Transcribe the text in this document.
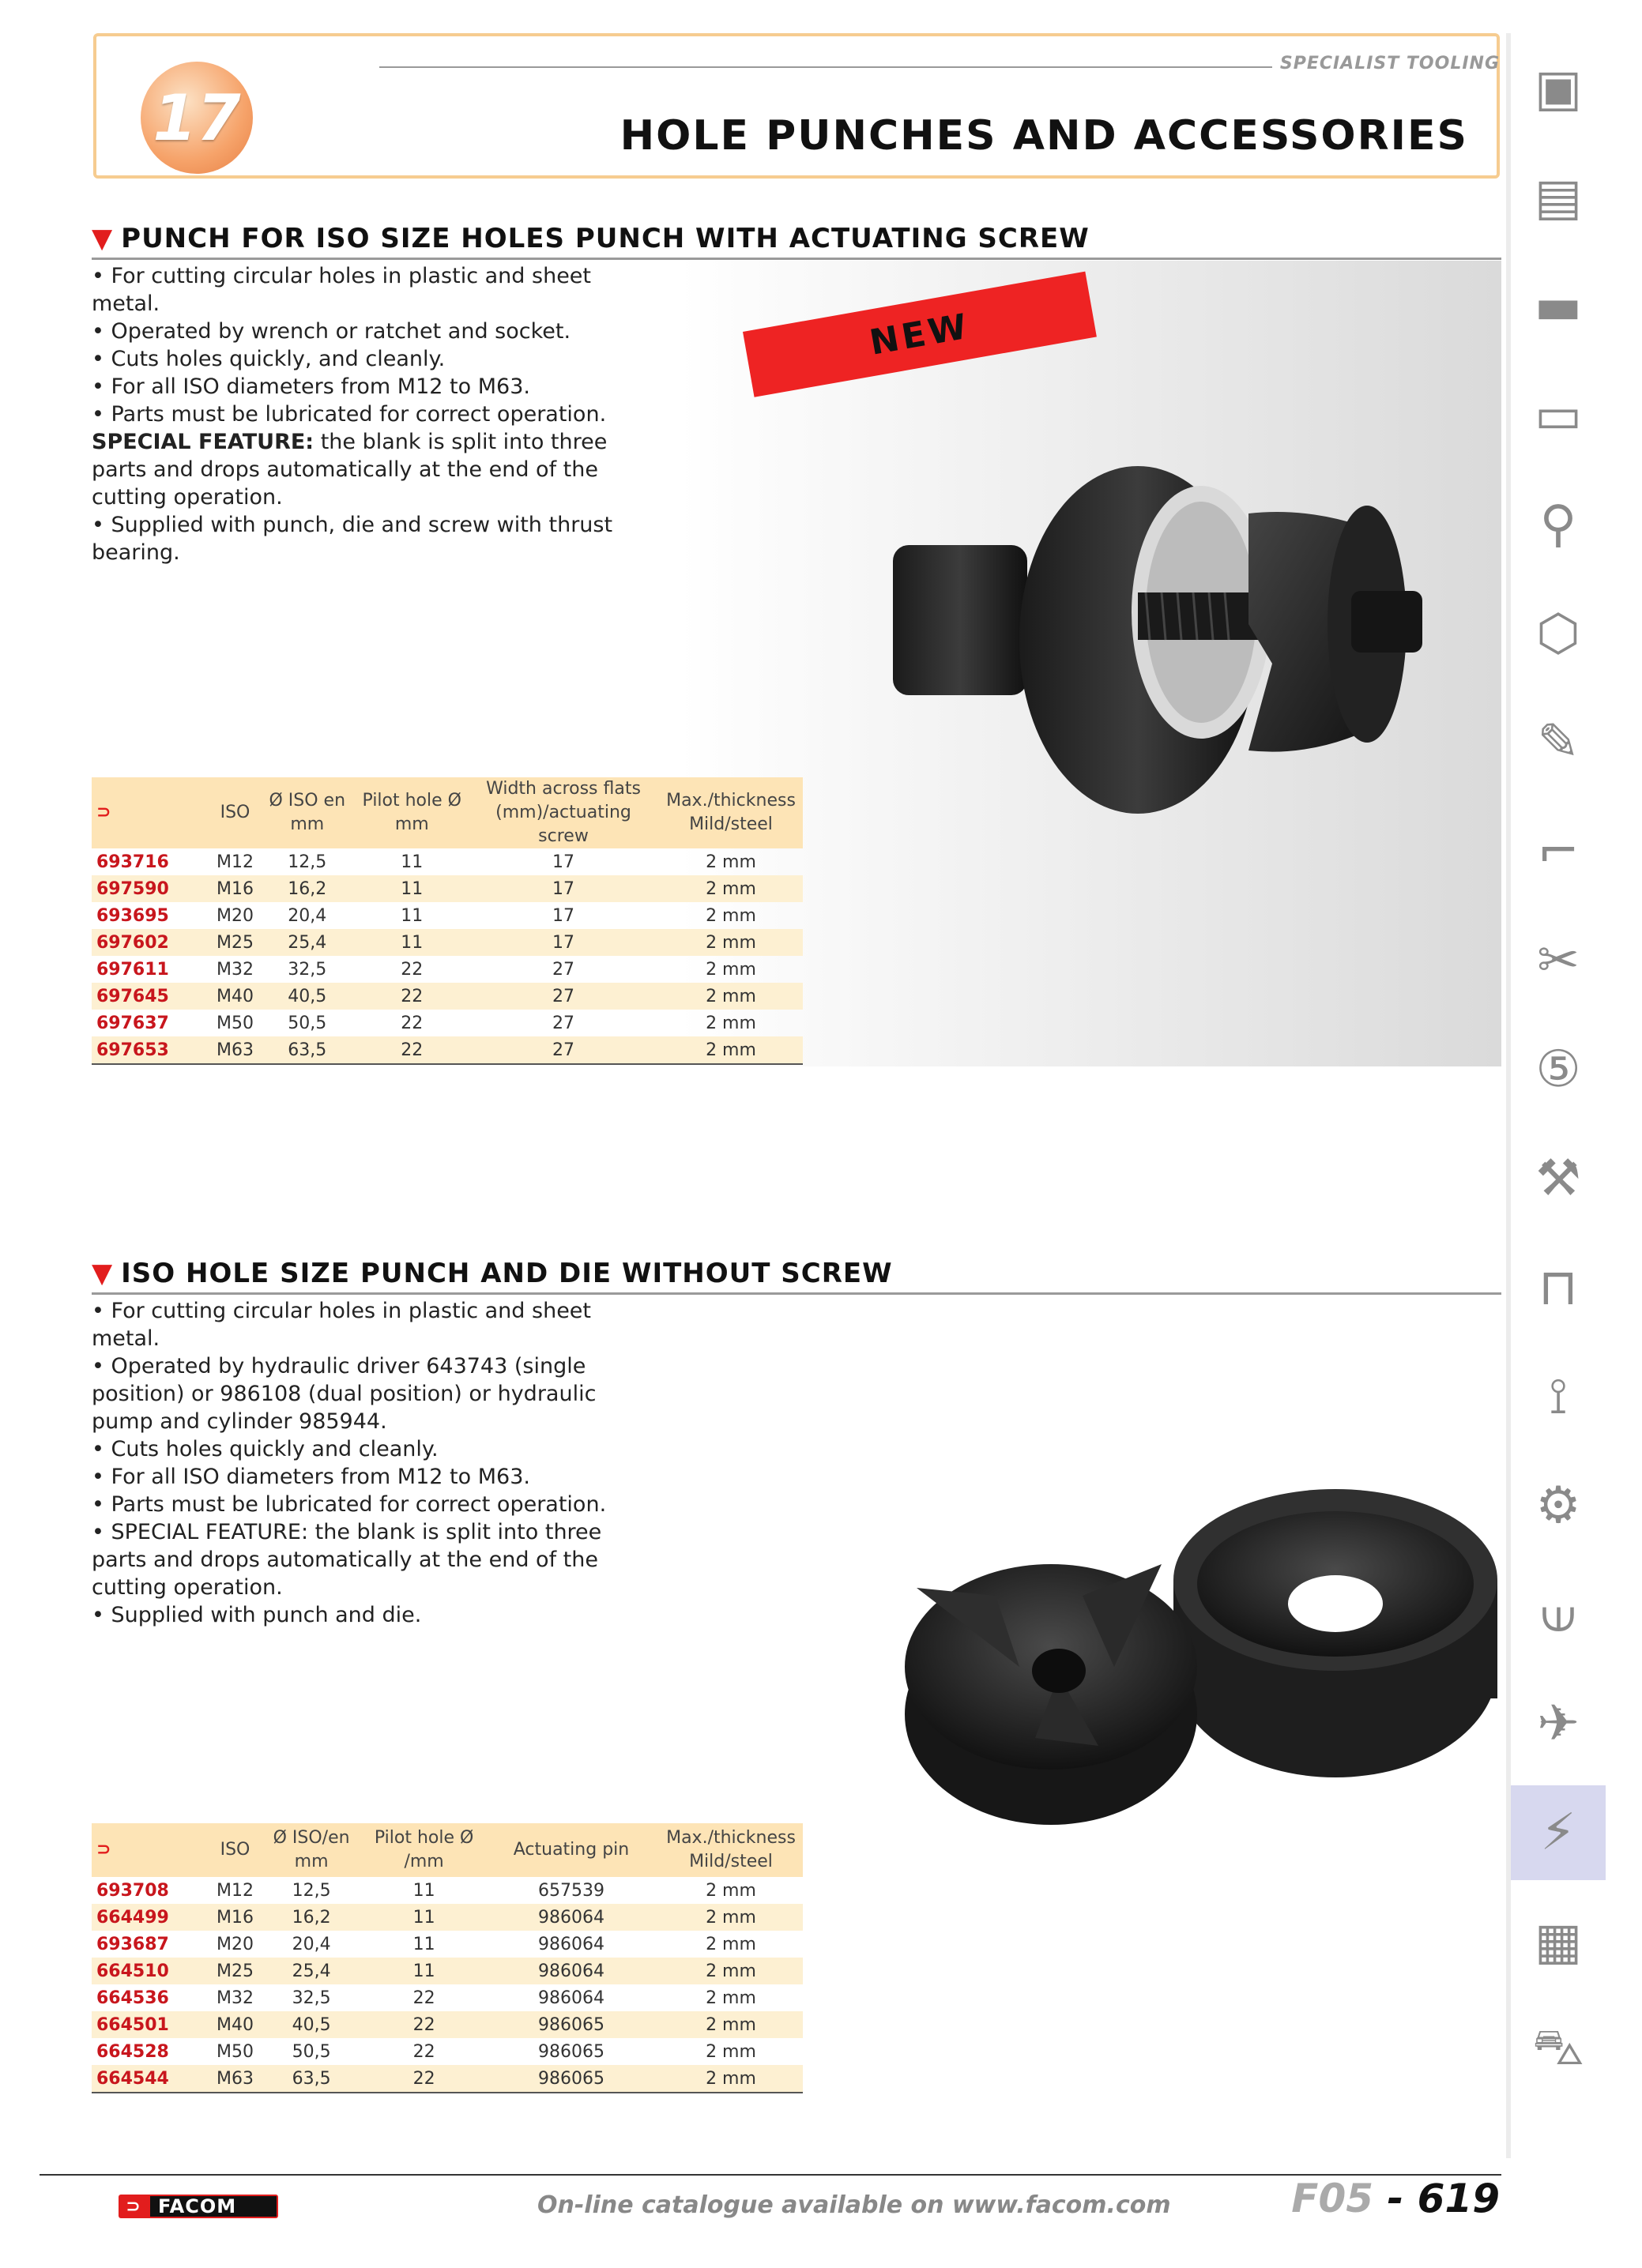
SPECIALIST TOOLING
17	HOLE PUNCHES AND ACCESSORIES
▼ PUNCH FOR ISO SIZE HOLES PUNCH WITH ACTUATING SCREW

• For cutting circular holes in plastic and sheet metal.

• Operated by wrench or ratchet and socket.

• Cuts holes quickly, and cleanly.

• For all ISO diameters from M12 to M63.

• Parts must be lubricated for correct operation.

SPECIAL FEATURE: the blank is split into three parts and drops automatically at the end of the cutting operation.

• Supplied with punch, die and screw with thrust bearing.

NEW
⊃	ISO	Ø ISO en mm	Pilot hole Ø mm	Width across flats (mm)/actuating screw	Max./thickness Mild/steel
693716	M12	12,5	11	17	2 mm
697590	M16	16,2	11	17	2 mm
693695	M20	20,4	11	17	2 mm
697602	M25	25,4	11	17	2 mm
697611	M32	32,5	22	27	2 mm
697645	M40	40,5	22	27	2 mm
697637	M50	50,5	22	27	2 mm
697653	M63	63,5	22	27	2 mm
▼ ISO HOLE SIZE PUNCH AND DIE WITHOUT SCREW

• For cutting circular holes in plastic and sheet metal.

• Operated by hydraulic driver 643743 (single position) or 986108 (dual position) or hydraulic pump and cylinder 985944.

• Cuts holes quickly and cleanly.

• For all ISO diameters from M12 to M63.

• Parts must be lubricated for correct operation.

• SPECIAL FEATURE: the blank is split into three parts and drops automatically at the end of the cutting operation.

• Supplied with punch and die.

⊃	ISO	Ø ISO/en mm	Pilot hole Ø /mm	Actuating pin	Max./thickness Mild/steel
693708	M12	12,5	11	657539	2 mm
664499	M16	16,2	11	986064	2 mm
693687	M20	20,4	11	986064	2 mm
664510	M25	25,4	11	986064	2 mm
664536	M32	32,5	22	986064	2 mm
664501	M40	40,5	22	986065	2 mm
664528	M50	50,5	22	986065	2 mm
664544	M63	63,5	22	986065	2 mm
▣
▤
▬
▭
⚲
⬡
✎
⌐
✂
⑤
⚒
⊓
⟟
⚙
⟒
✈
⚡
▦
⛍
⊃ FACOM	On-line catalogue available on www.facom.com	F05 - 619
